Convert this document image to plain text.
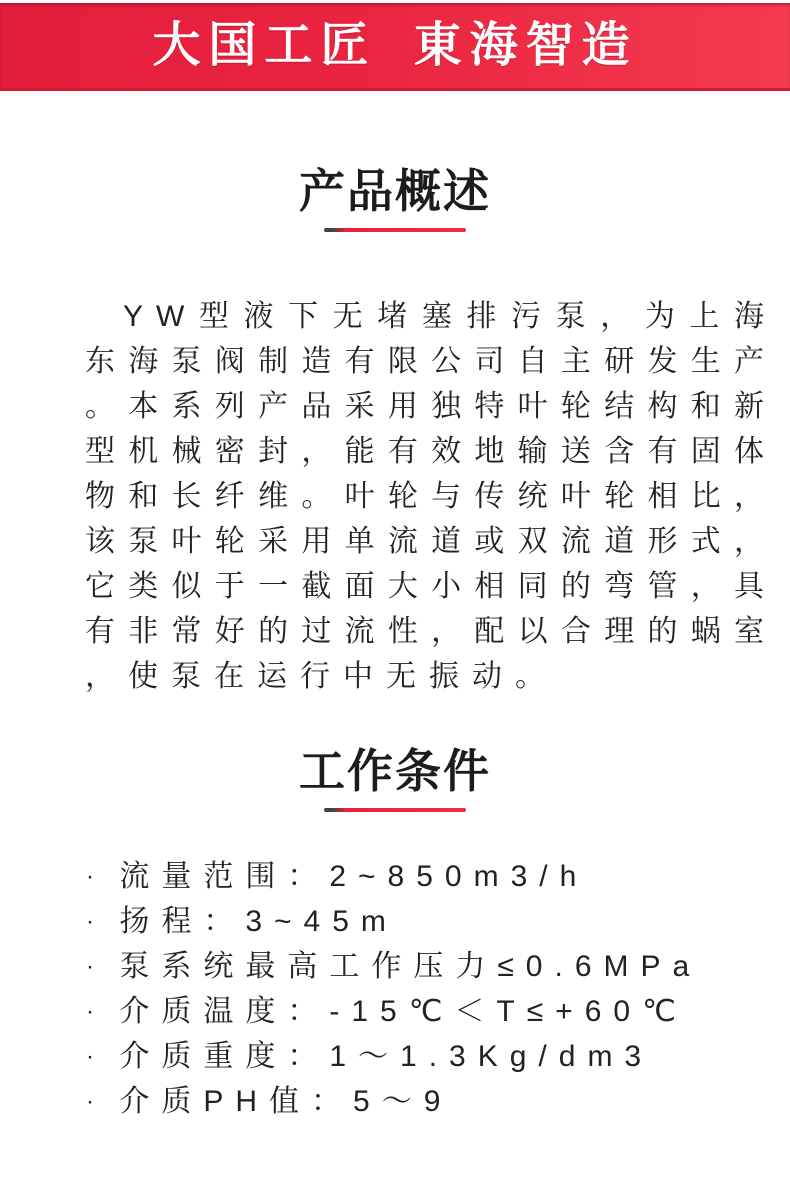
大国工匠 東海智造
产品概述

YW型液下无堵塞排污泵，为上海东海泵阀制造有限公司自主研发生产。本系列产品采用独特叶轮结构和新型机械密封，能有效地输送含有固体物和长纤维。叶轮与传统叶轮相比，该泵叶轮采用单流道或双流道形式，它类似于一截面大小相同的弯管，具有非常好的过流性，配以合理的蜗室，使泵在运行中无振动。

工作条件
· 流量范围：2~850m3/h
· 扬程：3~45m
· 泵系统最高工作压力≤0.6MPa
· 介质温度：-15℃＜T≤+60℃
· 介质重度：1～1.3Kg/dm3
· 介质PH值：5～9
